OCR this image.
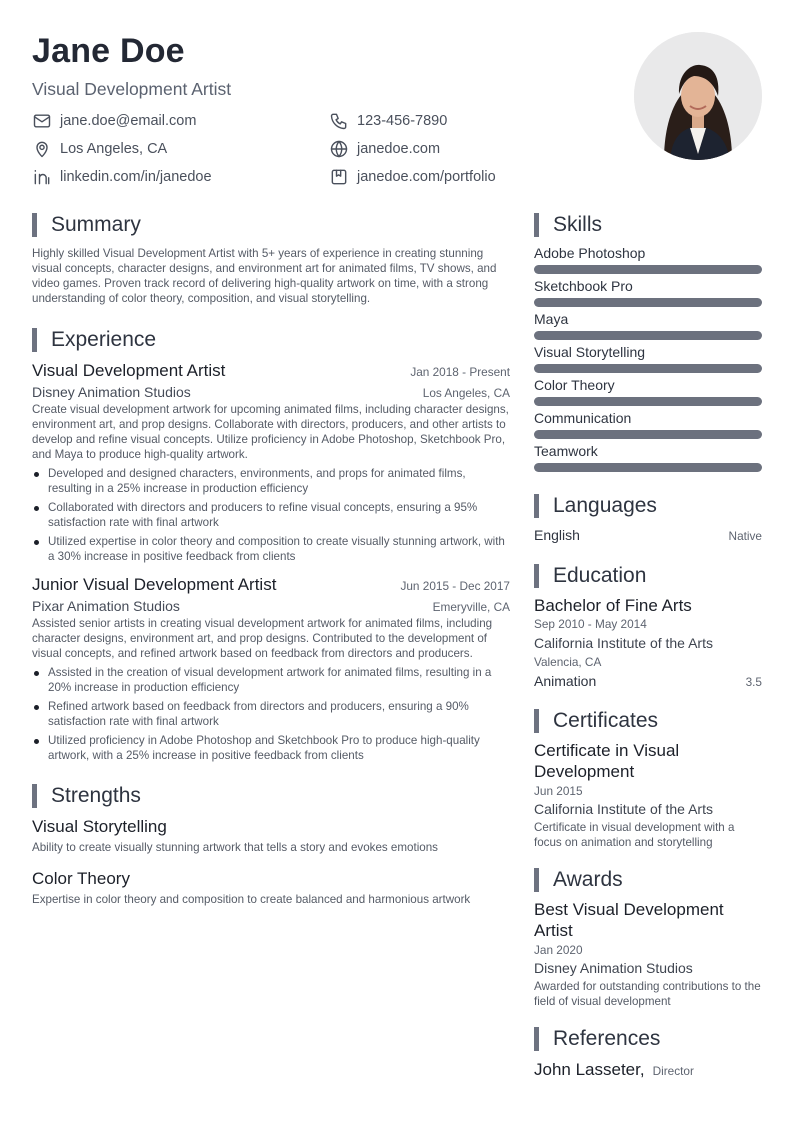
Jane Doe
Visual Development Artist
jane.doe@email.com	123-456-7890
Los Angeles, CA	janedoe.com
linkedin.com/in/janedoe	janedoe.com/portfolio
Summary
Highly skilled Visual Development Artist with 5+ years of experience in creating stunning visual concepts, character designs, and environment art for animated films, TV shows, and video games. Proven track record of delivering high-quality artwork on time, with a strong understanding of color theory, composition, and visual storytelling.
Experience
Visual Development Artist	Jan 2018 - Present
Disney Animation Studios	Los Angeles, CA
Create visual development artwork for upcoming animated films, including character designs, environment art, and prop designs. Collaborate with directors, producers, and other artists to develop and refine visual concepts. Utilize proficiency in Adobe Photoshop, Sketchbook Pro, and Maya to produce high-quality artwork.
Developed and designed characters, environments, and props for animated films, resulting in a 25% increase in production efficiency
Collaborated with directors and producers to refine visual concepts, ensuring a 95% satisfaction rate with final artwork
Utilized expertise in color theory and composition to create visually stunning artwork, with a 30% increase in positive feedback from clients
Junior Visual Development Artist	Jun 2015 - Dec 2017
Pixar Animation Studios	Emeryville, CA
Assisted senior artists in creating visual development artwork for animated films, including character designs, environment art, and prop designs. Contributed to the development of visual concepts, and refined artwork based on feedback from directors and producers.
Assisted in the creation of visual development artwork for animated films, resulting in a 20% increase in production efficiency
Refined artwork based on feedback from directors and producers, ensuring a 90% satisfaction rate with final artwork
Utilized proficiency in Adobe Photoshop and Sketchbook Pro to produce high-quality artwork, with a 25% increase in positive feedback from clients
Strengths
Visual Storytelling
Ability to create visually stunning artwork that tells a story and evokes emotions
Color Theory
Expertise in color theory and composition to create balanced and harmonious artwork
Skills
Adobe Photoshop
Sketchbook Pro
Maya
Visual Storytelling
Color Theory
Communication
Teamwork
Languages
English	Native
Education
Bachelor of Fine Arts
Sep 2010 - May 2014
California Institute of the Arts
Valencia, CA
Animation	3.5
Certificates
Certificate in Visual Development
Jun 2015
California Institute of the Arts
Certificate in visual development with a focus on animation and storytelling
Awards
Best Visual Development Artist
Jan 2020
Disney Animation Studios
Awarded for outstanding contributions to the field of visual development
References
John Lasseter, Director
